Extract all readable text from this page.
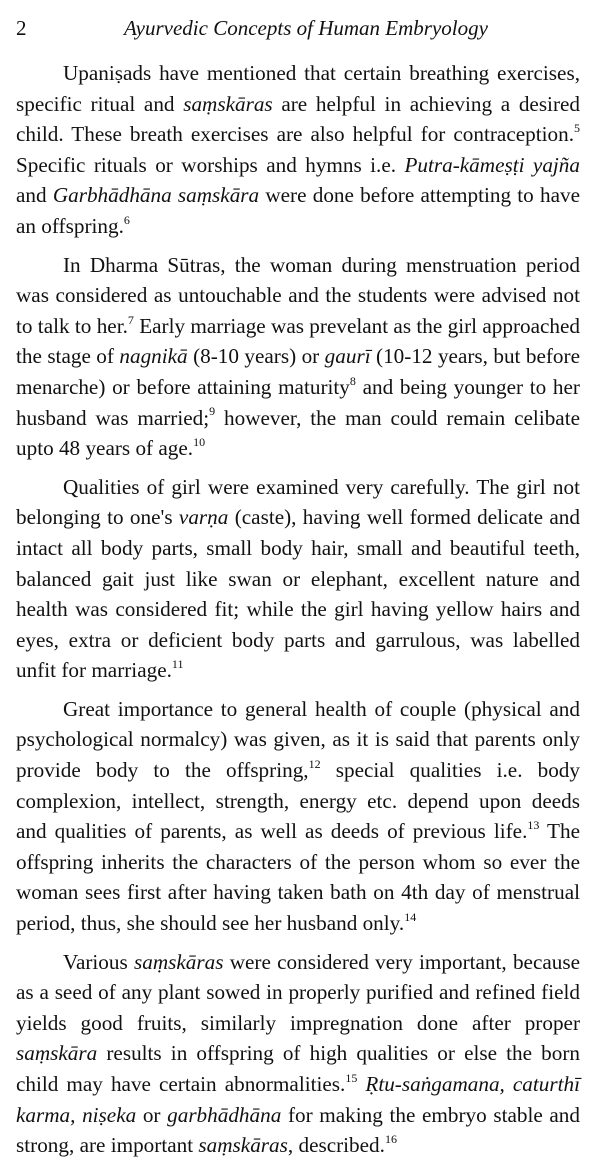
2	Ayurvedic Concepts of Human Embryology

Upaniṣads have mentioned that certain breathing exercises, specific ritual and saṃskāras are helpful in achieving a desired child. These breath exercises are also helpful for contraception.$^5$ Specific rituals or worships and hymns i.e. Putra-kāmeṣṭi yajña and Garbhādhāna saṃskāra were done before attempting to have an offspring.$^6$

In Dharma Sūtras, the woman during menstruation period was considered as untouchable and the students were advised not to talk to her.$^7$ Early marriage was prevelant as the girl approached the stage of nagnikā (8-10 years) or gaurī (10-12 years, but before menarche) or before attaining maturity$^8$ and being younger to her husband was married;$^9$ however, the man could remain celibate upto 48 years of age.$^{10}$

Qualities of girl were examined very carefully. The girl not belonging to one's varṇa (caste), having well formed delicate and intact all body parts, small body hair, small and beautiful teeth, balanced gait just like swan or elephant, excellent nature and health was considered fit; while the girl having yellow hairs and eyes, extra or deficient body parts and garrulous, was labelled unfit for marriage.$^{11}$

Great importance to general health of couple (physical and psychological normalcy) was given, as it is said that parents only provide body to the offspring,$^{12}$ special qualities i.e. body complexion, intellect, strength, energy etc. depend upon deeds and qualities of parents, as well as deeds of previous life.$^{13}$ The offspring inherits the characters of the person whom so ever the woman sees first after having taken bath on 4th day of menstrual period, thus, she should see her husband only.$^{14}$

Various saṃskāras were considered very important, because as a seed of any plant sowed in properly purified and refined field yields good fruits, similarly impregnation done after proper saṃskāra results in offspring of high qualities or else the born child may have certain abnormalities.$^{15}$ Ṛtu-saṅgamana, caturthī karma, niṣeka or garbhādhāna for making the embryo stable and strong, are important saṃskāras, described.$^{16}$
